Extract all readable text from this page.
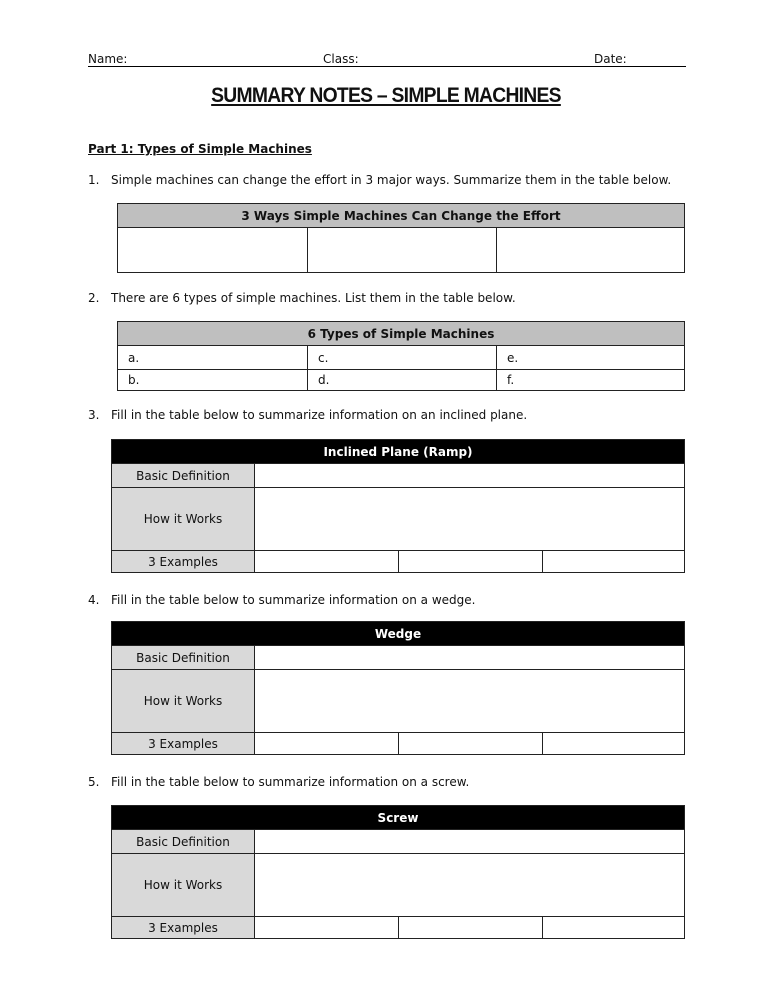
Name:	Class:	Date:
SUMMARY NOTES – SIMPLE MACHINES
Part 1: Types of Simple Machines
1. Simple machines can change the effort in 3 major ways. Summarize them in the table below.
3 Ways Simple Machines Can Change the Effort

2. There are 6 types of simple machines. List them in the table below.
6 Types of Simple Machines		
a.	c.	e.
b.	d.	f.
3. Fill in the table below to summarize information on an inclined plane.
Inclined Plane (Ramp)			
Basic Definition			
How it Works			
3 Examples			
4. Fill in the table below to summarize information on a wedge.
Wedge			
Basic Definition			
How it Works			
3 Examples			
5. Fill in the table below to summarize information on a screw.
Screw			
Basic Definition			
How it Works			
3 Examples			
